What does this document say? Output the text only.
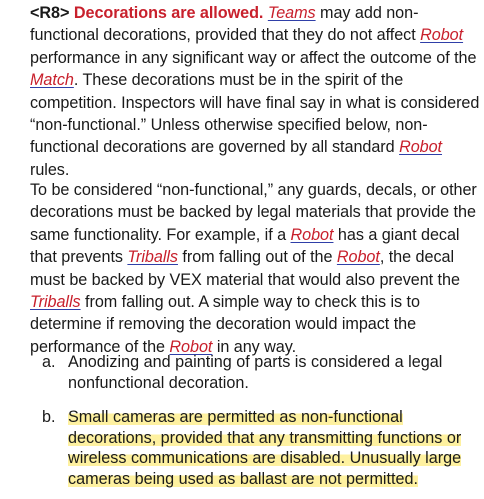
<R8> Decorations are allowed. Teams may add non-functional decorations, provided that they do not affect Robot performance in any significant way or affect the outcome of the Match. These decorations must be in the spirit of the competition. Inspectors will have final say in what is considered “non-functional.” Unless otherwise specified below, non-functional decorations are governed by all standard Robot rules.

To be considered “non-functional,” any guards, decals, or other decorations must be backed by legal materials that provide the same functionality. For example, if a Robot has a giant decal that prevents Triballs from falling out of the Robot, the decal must be backed by VEX material that would also prevent the Triballs from falling out. A simple way to check this is to determine if removing the decoration would impact the performance of the Robot in any way.

a. Anodizing and painting of parts is considered a legal nonfunctional decoration.
b. Small cameras are permitted as non-functional decorations, provided that any transmitting functions or wireless communications are disabled. Unusually large cameras being used as ballast are not permitted.
